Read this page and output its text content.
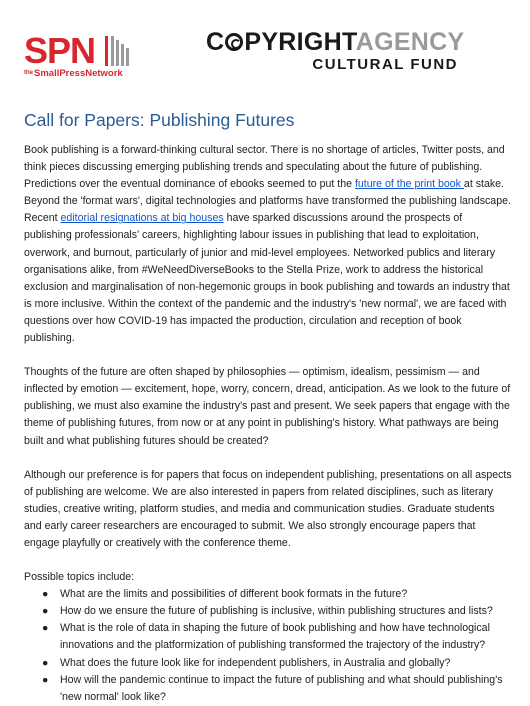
SPN
$^{the}$SmallPressNetwork
C PYRIGHTAGENCY
CULTURAL FUND
Call for Papers: Publishing Futures

Book publishing is a forward-thinking cultural sector. There is no shortage of articles, Twitter posts, and think pieces discussing emerging publishing trends and speculating about the future of publishing. Predictions over the eventual dominance of ebooks seemed to put the future of the print book at stake. Beyond the 'format wars', digital technologies and platforms have transformed the publishing landscape. Recent editorial resignations at big houses have sparked discussions around the prospects of publishing professionals' careers, highlighting labour issues in publishing that lead to exploitation, overwork, and burnout, particularly of junior and mid-level employees. Networked publics and literary organisations alike, from #WeNeedDiverseBooks to the Stella Prize, work to address the historical exclusion and marginalisation of non-hegemonic groups in book publishing and towards an industry that is more inclusive. Within the context of the pandemic and the industry's 'new normal', we are faced with questions over how COVID-19 has impacted the production, circulation and reception of book publishing.

Thoughts of the future are often shaped by philosophies — optimism, idealism, pessimism — and inflected by emotion — excitement, hope, worry, concern, dread, anticipation. As we look to the future of publishing, we must also examine the industry's past and present. We seek papers that engage with the theme of publishing futures, from now or at any point in publishing's history. What pathways are being built and what publishing futures should be created?

Although our preference is for papers that focus on independent publishing, presentations on all aspects of publishing are welcome. We are also interested in papers from related disciplines, such as literary studies, creative writing, platform studies, and media and communication studies. Graduate students and early career researchers are encouraged to submit. We also strongly encourage papers that engage playfully or creatively with the conference theme.

Possible topics include:

● What are the limits and possibilities of different book formats in the future?
● How do we ensure the future of publishing is inclusive, within publishing structures and lists?
● What is the role of data in shaping the future of book publishing and how have technological innovations and the platformization of publishing transformed the trajectory of the industry?
● What does the future look like for independent publishers, in Australia and globally?
● How will the pandemic continue to impact the future of publishing and what should publishing's 'new normal' look like?
